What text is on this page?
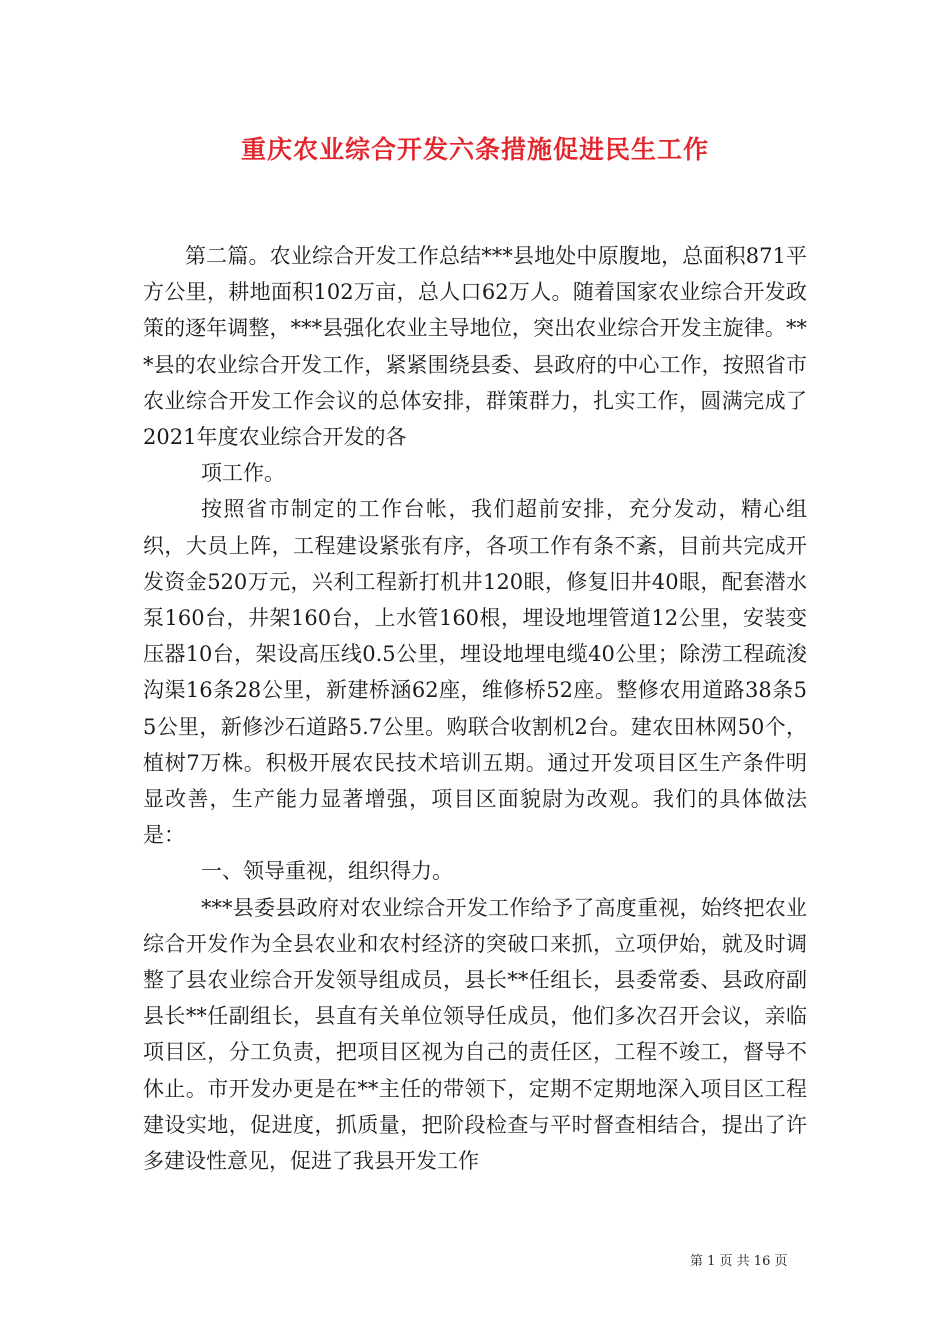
重庆农业综合开发六条措施促进民生工作

第二篇。农业综合开发工作总结***县地处中原腹地，总面积871平方公里，耕地面积102万亩，总人口62万人。随着国家农业综合开发政策的逐年调整，***县强化农业主导地位，突出农业综合开发主旋律。***县的农业综合开发工作，紧紧围绕县委、县政府的中心工作，按照省市农业综合开发工作会议的总体安排，群策群力，扎实工作，圆满完成了2021年度农业综合开发的各

项工作。

按照省市制定的工作台帐，我们超前安排，充分发动，精心组织，大员上阵，工程建设紧张有序，各项工作有条不紊，目前共完成开发资金520万元，兴利工程新打机井120眼，修复旧井40眼，配套潜水泵160台，井架160台，上水管160根，埋设地埋管道12公里，安装变压器10台，架设高压线0.5公里，埋设地埋电缆40公里；除涝工程疏浚沟渠16条28公里，新建桥涵62座，维修桥52座。整修农用道路38条55公里，新修沙石道路5.7公里。购联合收割机2台。建农田林网50个，植树7万株。积极开展农民技术培训五期。通过开发项目区生产条件明显改善，生产能力显著增强，项目区面貌尉为改观。我们的具体做法是：

一、领导重视，组织得力。

***县委县政府对农业综合开发工作给予了高度重视，始终把农业综合开发作为全县农业和农村经济的突破口来抓，立项伊始，就及时调整了县农业综合开发领导组成员，县长**任组长，县委常委、县政府副县长**任副组长，县直有关单位领导任成员，他们多次召开会议，亲临项目区，分工负责，把项目区视为自己的责任区，工程不竣工，督导不休止。市开发办更是在**主任的带领下，定期不定期地深入项目区工程建设实地，促进度，抓质量，把阶段检查与平时督查相结合，提出了许多建设性意见，促进了我县开发工作

第 1 页 共 16 页
